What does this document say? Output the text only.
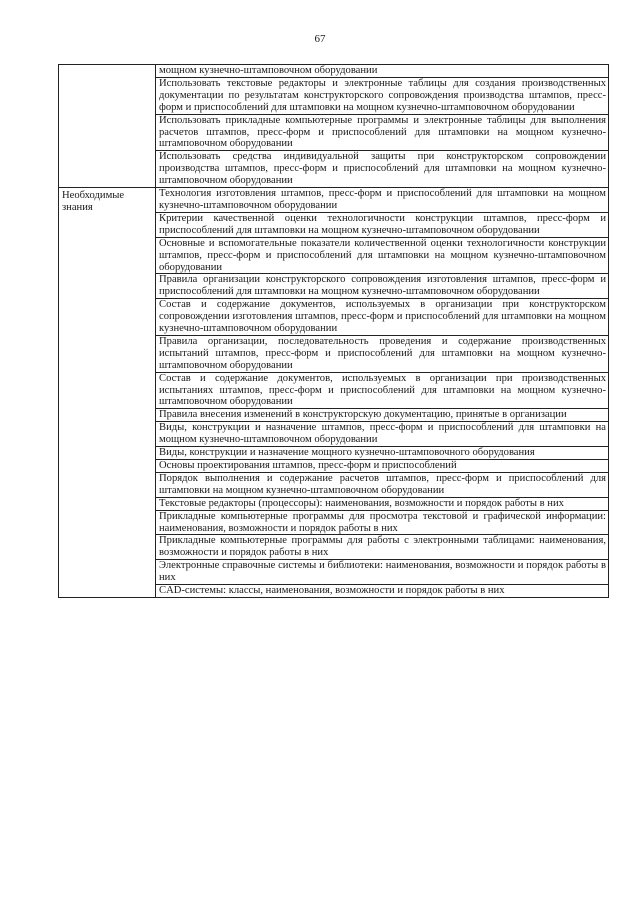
67
	мощном кузнечно-штамповочном оборудовании
	Использовать текстовые редакторы и электронные таблицы для создания производственных документации по результатам конструкторского сопровождения производства штампов, пресс-форм и приспособлений для штамповки на мощном кузнечно-штамповочном оборудовании
	Использовать прикладные компьютерные программы и электронные таблицы для выполнения расчетов штампов, пресс-форм и приспособлений для штамповки на мощном кузнечно-штамповочном оборудовании
	Использовать средства индивидуальной защиты при конструкторском сопровождении производства штампов, пресс-форм и приспособлений для штамповки на мощном кузнечно-штамповочном оборудовании
Необходимые знания	Технология изготовления штампов, пресс-форм и приспособлений для штамповки на мощном кузнечно-штамповочном оборудовании
	Критерии качественной оценки технологичности конструкции штампов, пресс-форм и приспособлений для штамповки на мощном кузнечно-штамповочном оборудовании
	Основные и вспомогательные показатели количественной оценки технологичности конструкции штампов, пресс-форм и приспособлений для штамповки на мощном кузнечно-штамповочном оборудовании
	Правила организации конструкторского сопровождения изготовления штампов, пресс-форм и приспособлений для штамповки на мощном кузнечно-штамповочном оборудовании
	Состав и содержание документов, используемых в организации при конструкторском сопровождении изготовления штампов, пресс-форм и приспособлений для штамповки на мощном кузнечно-штамповочном оборудовании
	Правила организации, последовательность проведения и содержание производственных испытаний штампов, пресс-форм и приспособлений для штамповки на мощном кузнечно-штамповочном оборудовании
	Состав и содержание документов, используемых в организации при производственных испытаниях штампов, пресс-форм и приспособлений для штамповки на мощном кузнечно-штамповочном оборудовании
	Правила внесения изменений в конструкторскую документацию, принятые в организации
	Виды, конструкции и назначение штампов, пресс-форм и приспособлений для штамповки на мощном кузнечно-штамповочном оборудовании
	Виды, конструкции и назначение мощного кузнечно-штамповочного оборудования
	Основы проектирования штампов, пресс-форм и приспособлений
	Порядок выполнения и содержание расчетов штампов, пресс-форм и приспособлений для штамповки на мощном кузнечно-штамповочном оборудовании
	Текстовые редакторы (процессоры): наименования, возможности и порядок работы в них
	Прикладные компьютерные программы для просмотра текстовой и графической информации: наименования, возможности и порядок работы в них
	Прикладные компьютерные программы для работы с электронными таблицами: наименования, возможности и порядок работы в них
	Электронные справочные системы и библиотеки: наименования, возможности и порядок работы в них
	CAD-системы: классы, наименования, возможности и порядок работы в них
